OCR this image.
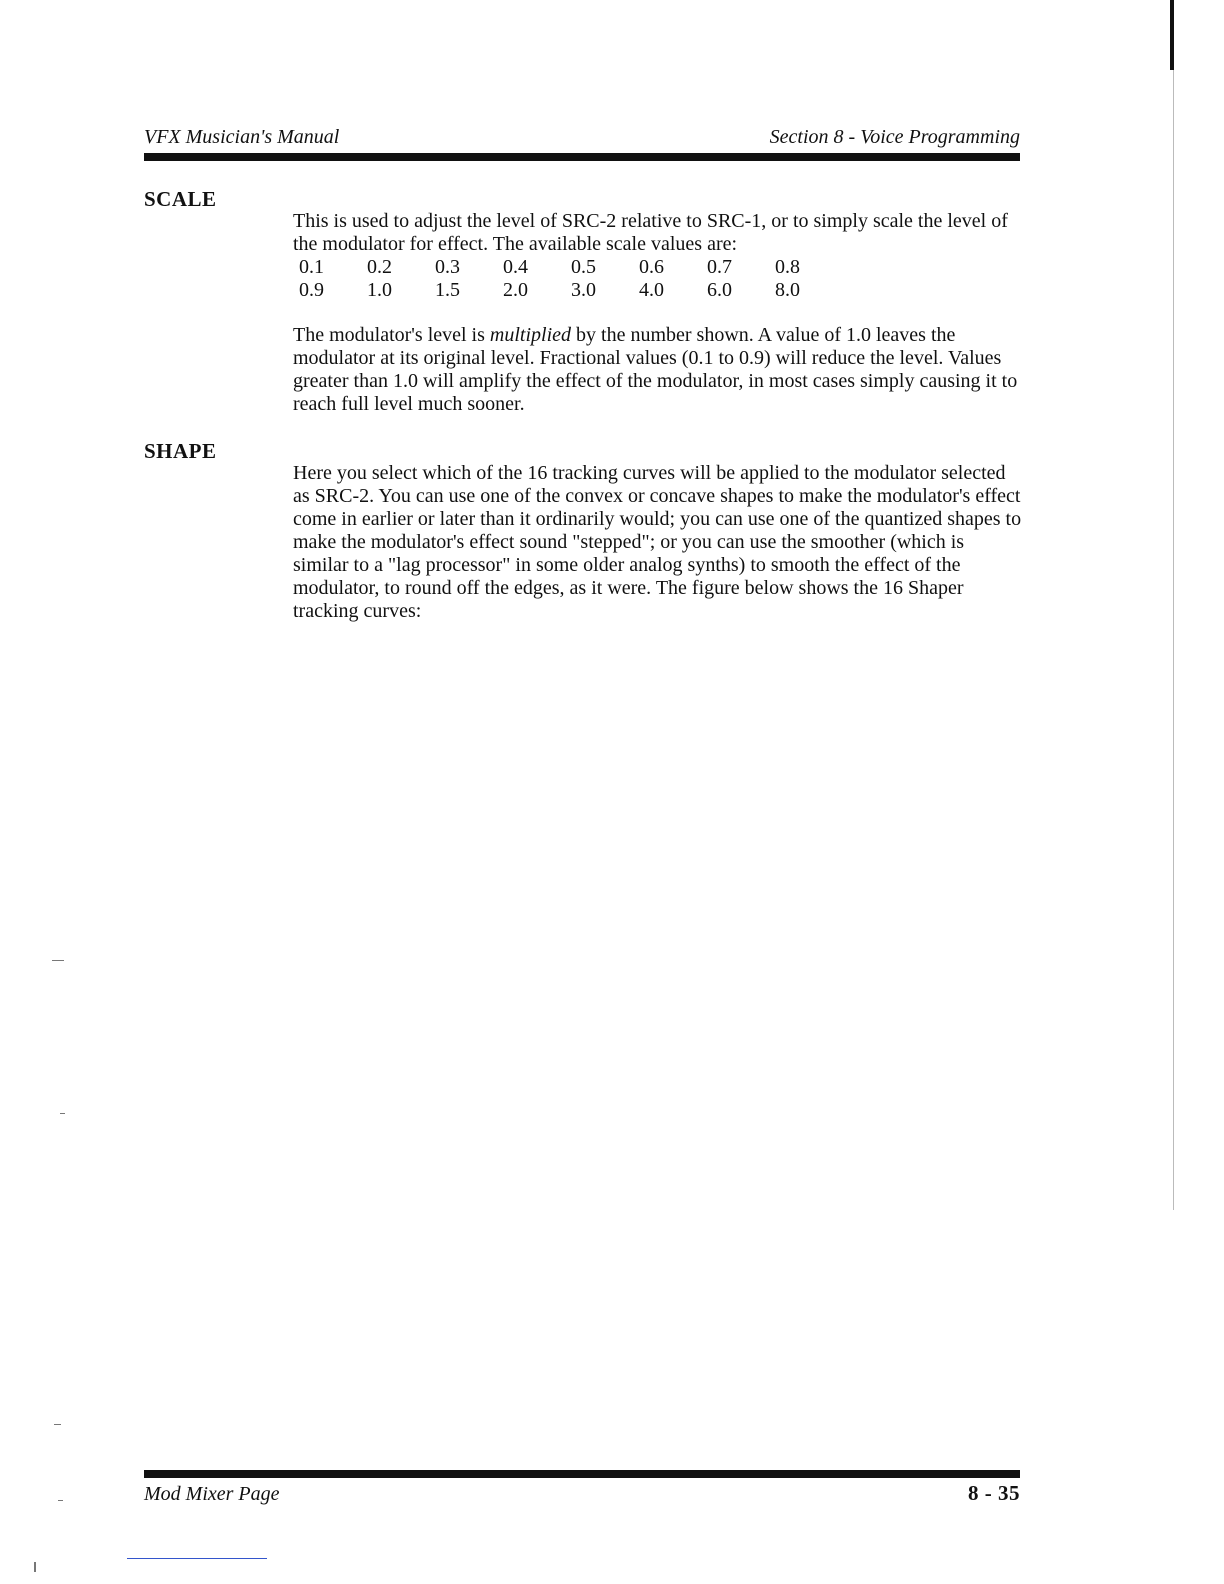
VFX Musician's Manual	Section 8 - Voice Programming
SCALE

This is used to adjust the level of SRC-2 relative to SRC-1, or to simply scale the level of the modulator for effect. The available scale values are:

0.1	0.2	0.3	0.4	0.5	0.6	0.7	0.8
0.9	1.0	1.5	2.0	3.0	4.0	6.0	8.0

The modulator's level is multiplied by the number shown. A value of 1.0 leaves the modulator at its original level. Fractional values (0.1 to 0.9) will reduce the level. Values greater than 1.0 will amplify the effect of the modulator, in most cases simply causing it to reach full level much sooner.

SHAPE

Here you select which of the 16 tracking curves will be applied to the modulator selected as SRC-2. You can use one of the convex or concave shapes to make the modulator's effect come in earlier or later than it ordinarily would; you can use one of the quantized shapes to make the modulator's effect sound "stepped"; or you can use the smoother (which is similar to a "lag processor" in some older analog synths) to smooth the effect of the modulator, to round off the edges, as it were. The figure below shows the 16 Shaper tracking curves:

Mod Mixer Page	8 - 35
